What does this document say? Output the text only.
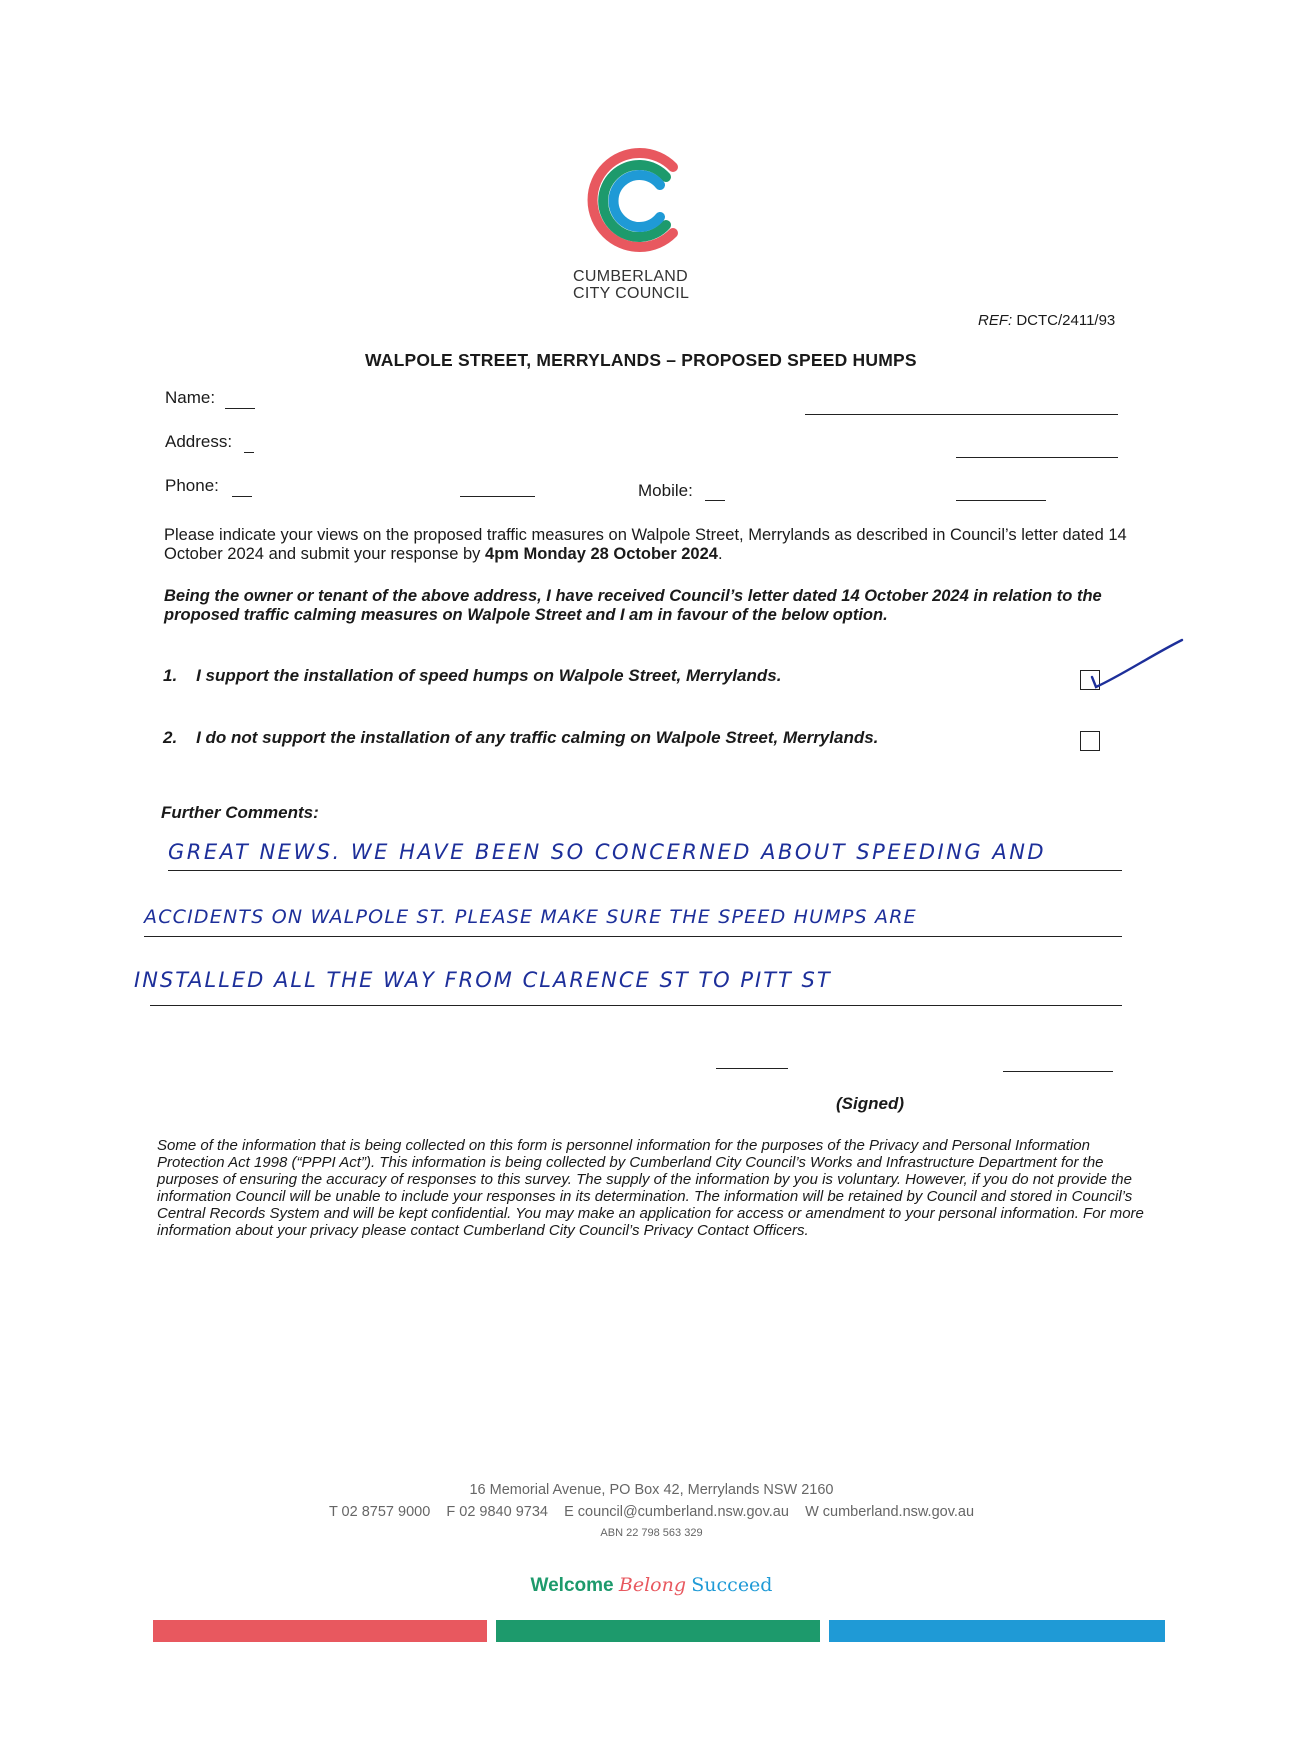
CUMBERLAND
CITY COUNCIL
REF: DCTC/2411/93
WALPOLE STREET, MERRYLANDS – PROPOSED SPEED HUMPS
Name:
Address:
Phone:	Mobile:
Please indicate your views on the proposed traffic measures on Walpole Street, Merrylands as described in Council’s letter dated 14 October 2024 and submit your response by 4pm Monday 28 October 2024.
Being the owner or tenant of the above address, I have received Council’s letter dated 14 October 2024 in relation to the proposed traffic calming measures on Walpole Street and I am in favour of the below option.
1. I support the installation of speed humps on Walpole Street, Merrylands.
2. I do not support the installation of any traffic calming on Walpole Street, Merrylands.
Further Comments:
GREAT NEWS. WE HAVE BEEN SO CONCERNED ABOUT SPEEDING AND
ACCIDENTS ON WALPOLE ST. PLEASE MAKE SURE THE SPEED HUMPS ARE
INSTALLED ALL THE WAY FROM CLARENCE ST TO PITT ST
(Signed)
Some of the information that is being collected on this form is personnel information for the purposes of the Privacy and Personal Information Protection Act 1998 (“PPPI Act”). This information is being collected by Cumberland City Council’s Works and Infrastructure Department for the purposes of ensuring the accuracy of responses to this survey. The supply of the information by you is voluntary. However, if you do not provide the information Council will be unable to include your responses in its determination. The information will be retained by Council and stored in Council’s Central Records System and will be kept confidential. You may make an application for access or amendment to your personal information. For more information about your privacy please contact Cumberland City Council’s Privacy Contact Officers.
16 Memorial Avenue, PO Box 42, Merrylands NSW 2160
T 02 8757 9000 F 02 9840 9734 E council@cumberland.nsw.gov.au W cumberland.nsw.gov.au
ABN 22 798 563 329
Welcome Belong Succeed
